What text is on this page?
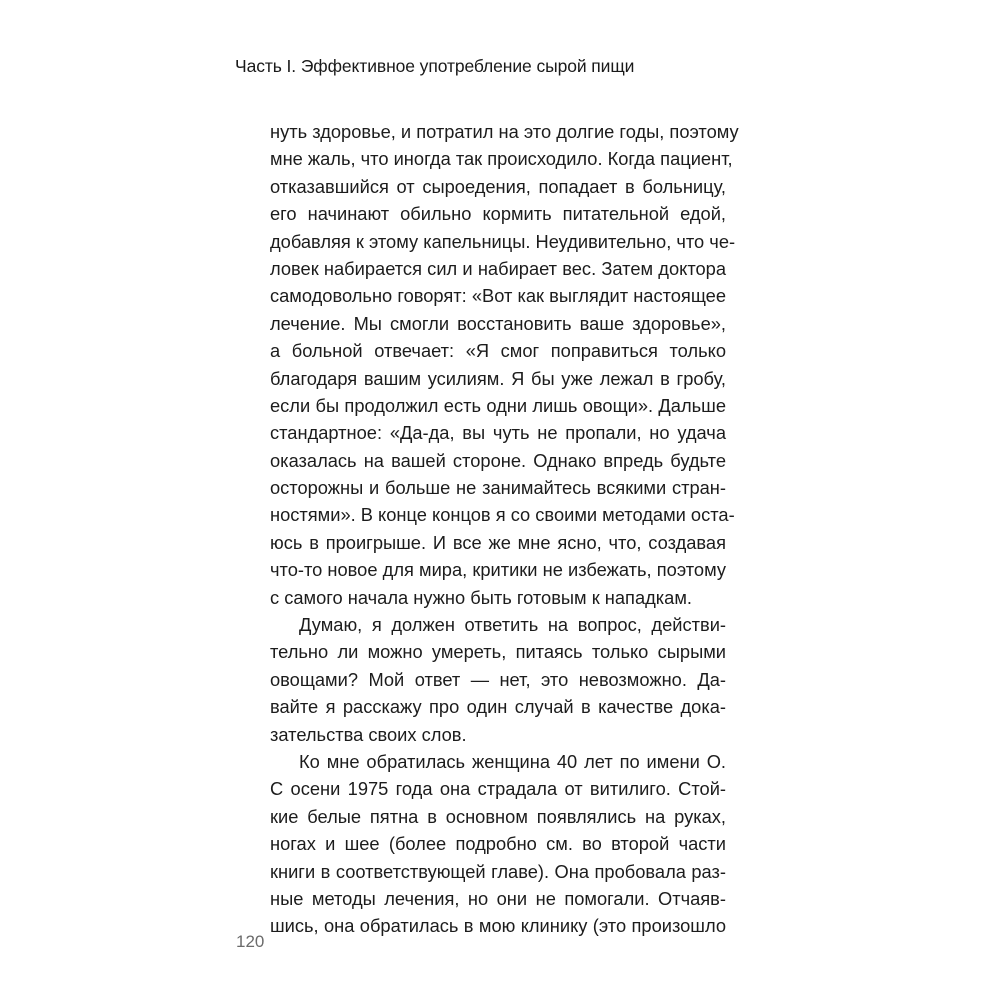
Часть I. Эффективное употребление сырой пищи
нуть здоровье, и потратил на это долгие годы, поэтому
мне жаль, что иногда так происходило. Когда пациент,
отказавшийся от сыроедения, попадает в больницу,
его начинают обильно кормить питательной едой,
добавляя к этому капельницы. Неудивительно, что че-
ловек набирается сил и набирает вес. Затем доктора
самодовольно говорят: «Вот как выглядит настоящее
лечение. Мы смогли восстановить ваше здоровье»,
а больной отвечает: «Я смог поправиться только
благодаря вашим усилиям. Я бы уже лежал в гробу,
если бы продолжил есть одни лишь овощи». Дальше
стандартное: «Да-да, вы чуть не пропали, но удача
оказалась на вашей стороне. Однако впредь будьте
осторожны и больше не занимайтесь всякими стран-
ностями». В конце концов я со своими методами оста-
юсь в проигрыше. И все же мне ясно, что, создавая
что-то новое для мира, критики не избежать, поэтому
с самого начала нужно быть готовым к нападкам.
Думаю, я должен ответить на вопрос, действи-
тельно ли можно умереть, питаясь только сырыми
овощами? Мой ответ — нет, это невозможно. Да-
вайте я расскажу про один случай в качестве дока-
зательства своих слов.
Ко мне обратилась женщина 40 лет по имени О.
С осени 1975 года она страдала от витилиго. Стой-
кие белые пятна в основном появлялись на руках,
ногах и шее (более подробно см. во второй части
книги в соответствующей главе). Она пробовала раз-
ные методы лечения, но они не помогали. Отчаяв-
шись, она обратилась в мою клинику (это произошло
120
